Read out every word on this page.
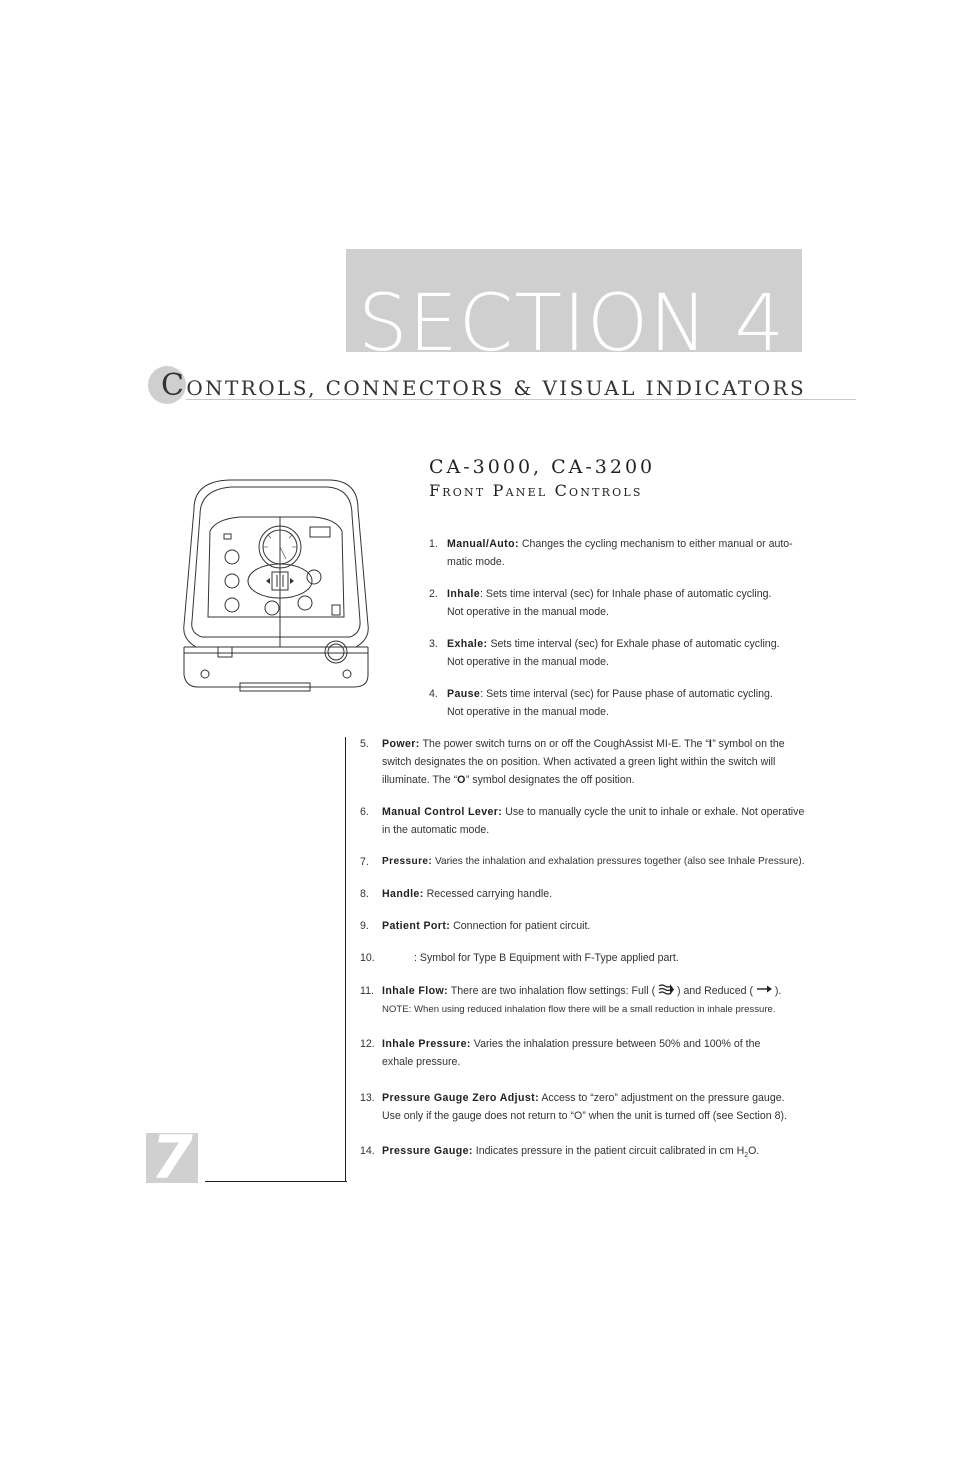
SECTION 4
CONTROLS, CONNECTORS & VISUAL INDICATORS
CA-3000, CA-3200
Front Panel Controls
1. Manual/Auto: Changes the cycling mechanism to either manual or auto-
matic mode.
2. Inhale: Sets time interval (sec) for Inhale phase of automatic cycling.
Not operative in the manual mode.
3. Exhale: Sets time interval (sec) for Exhale phase of automatic cycling.
Not operative in the manual mode.
4. Pause: Sets time interval (sec) for Pause phase of automatic cycling.
Not operative in the manual mode.
5. Power: The power switch turns on or off the CoughAssist MI-E. The “I” symbol on the
switch designates the on position. When activated a green light within the switch will
illuminate. The “O” symbol designates the off position.
6. Manual Control Lever: Use to manually cycle the unit to inhale or exhale. Not operative
in the automatic mode.
7. Pressure: Varies the inhalation and exhalation pressures together (also see Inhale Pressure).
8. Handle: Recessed carrying handle.
9. Patient Port: Connection for patient circuit.
10.	: Symbol for Type B Equipment with F-Type applied part.
11. Inhale Flow: There are two inhalation flow settings: Full ( ) and Reduced ( ).
NOTE: When using reduced inhalation flow there will be a small reduction in inhale pressure.
12. Inhale Pressure: Varies the inhalation pressure between 50% and 100% of the
exhale pressure.
13. Pressure Gauge Zero Adjust: Access to “zero” adjustment on the pressure gauge.
Use only if the gauge does not return to “O” when the unit is turned off (see Section 8).
14. Pressure Gauge: Indicates pressure in the patient circuit calibrated in cm $H_2O$.
7
